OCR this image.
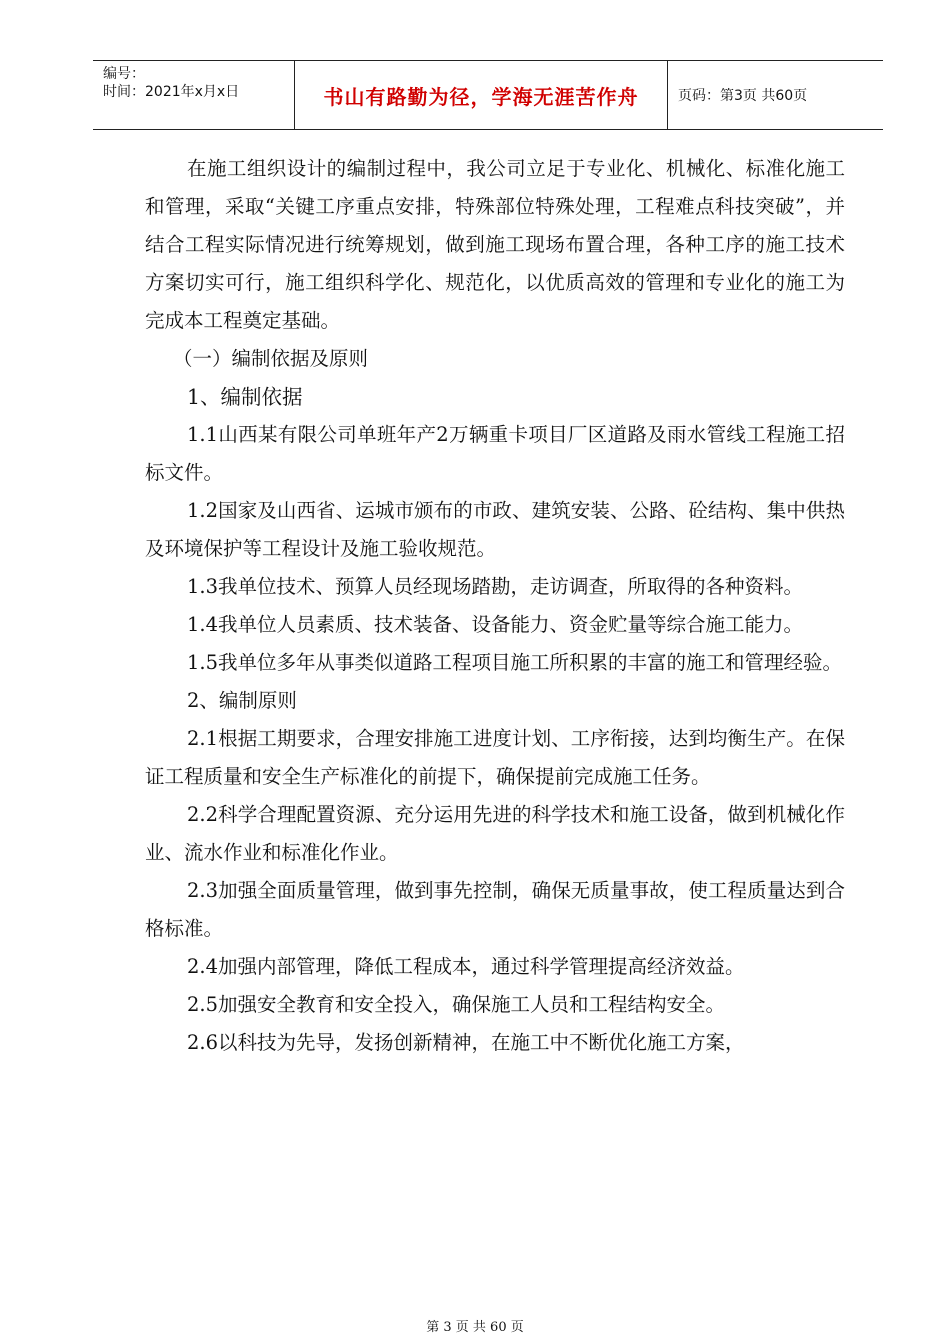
编号：
时间：2021年x月x日	书山有路勤为径，学海无涯苦作舟	页码：第3页 共60页

在施工组织设计的编制过程中，我公司立足于专业化、机械化、标准化施工和管理，采取“关键工序重点安排，特殊部位特殊处理，工程难点科技突破”，并结合工程实际情况进行统筹规划，做到施工现场布置合理，各种工序的施工技术方案切实可行，施工组织科学化、规范化，以优质高效的管理和专业化的施工为完成本工程奠定基础。

（一）编制依据及原则

1、编制依据

1.1山西某有限公司单班年产2万辆重卡项目厂区道路及雨水管线工程施工招标文件。

1.2国家及山西省、运城市颁布的市政、建筑安装、公路、砼结构、集中供热及环境保护等工程设计及施工验收规范。

1.3我单位技术、预算人员经现场踏勘，走访调查，所取得的各种资料。

1.4我单位人员素质、技术装备、设备能力、资金贮量等综合施工能力。

1.5我单位多年从事类似道路工程项目施工所积累的丰富的施工和管理经验。

2、编制原则

2.1根据工期要求，合理安排施工进度计划、工序衔接，达到均衡生产。在保证工程质量和安全生产标准化的前提下，确保提前完成施工任务。

2.2科学合理配置资源、充分运用先进的科学技术和施工设备，做到机械化作业、流水作业和标准化作业。

2.3加强全面质量管理，做到事先控制，确保无质量事故，使工程质量达到合格标准。

2.4加强内部管理，降低工程成本，通过科学管理提高经济效益。

2.5加强安全教育和安全投入，确保施工人员和工程结构安全。

2.6以科技为先导，发扬创新精神，在施工中不断优化施工方案，

第 3 页 共 60 页
